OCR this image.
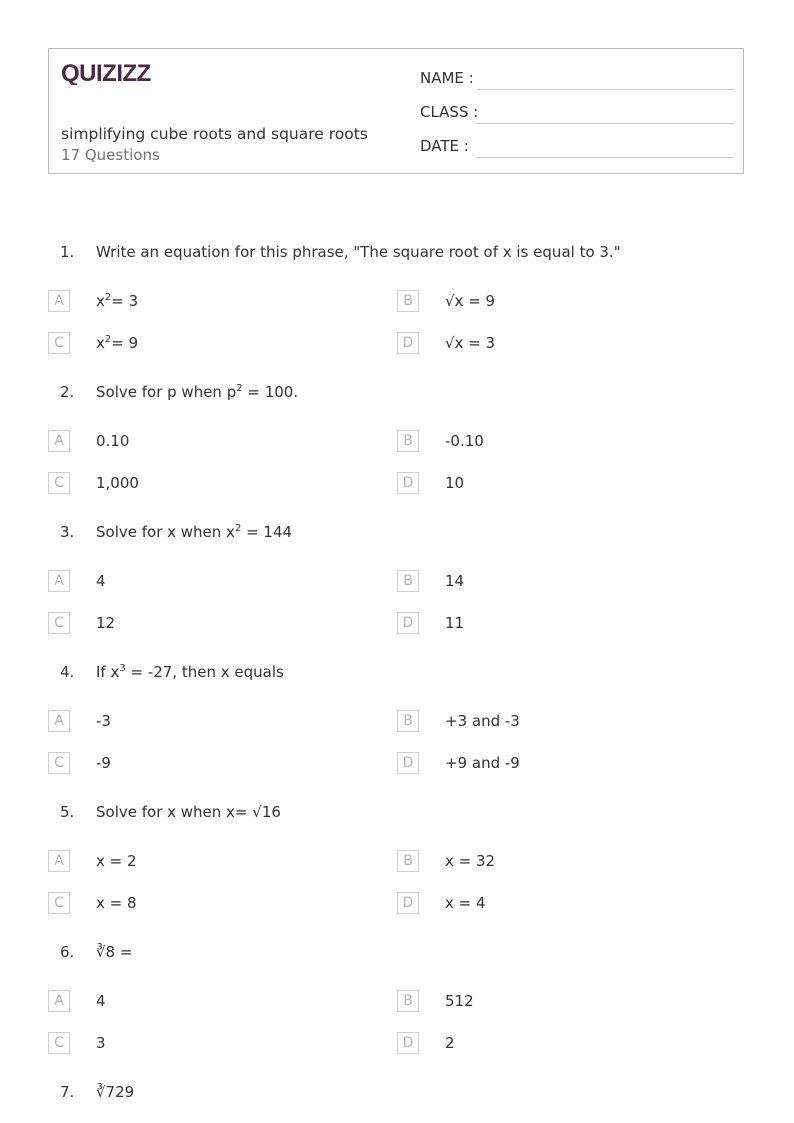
QUIZIZZ
simplifying cube roots and square roots
17 Questions
NAME :
CLASS :
DATE :
1. Write an equation for this phrase, "The square root of x is equal to 3."
A	$x^2= 3$	B	√x = 9
C	$x^2= 9$	D	√x = 3
2. Solve for p when $p^2 = 100$.
A	0.10	B	-0.10
C	1,000	D	10
3. Solve for x when $x^2 = 144$
A	4	B	14
C	12	D	11
4. If $x^3 = -27$, then x equals
A	-3	B	+3 and -3
C	-9	D	+9 and -9
5. Solve for x when x= √16
A	x = 2	B	x = 32
C	x = 8	D	x = 4
6. ∛8 =
A	4	B	512
C	3	D	2
7. ∛729
